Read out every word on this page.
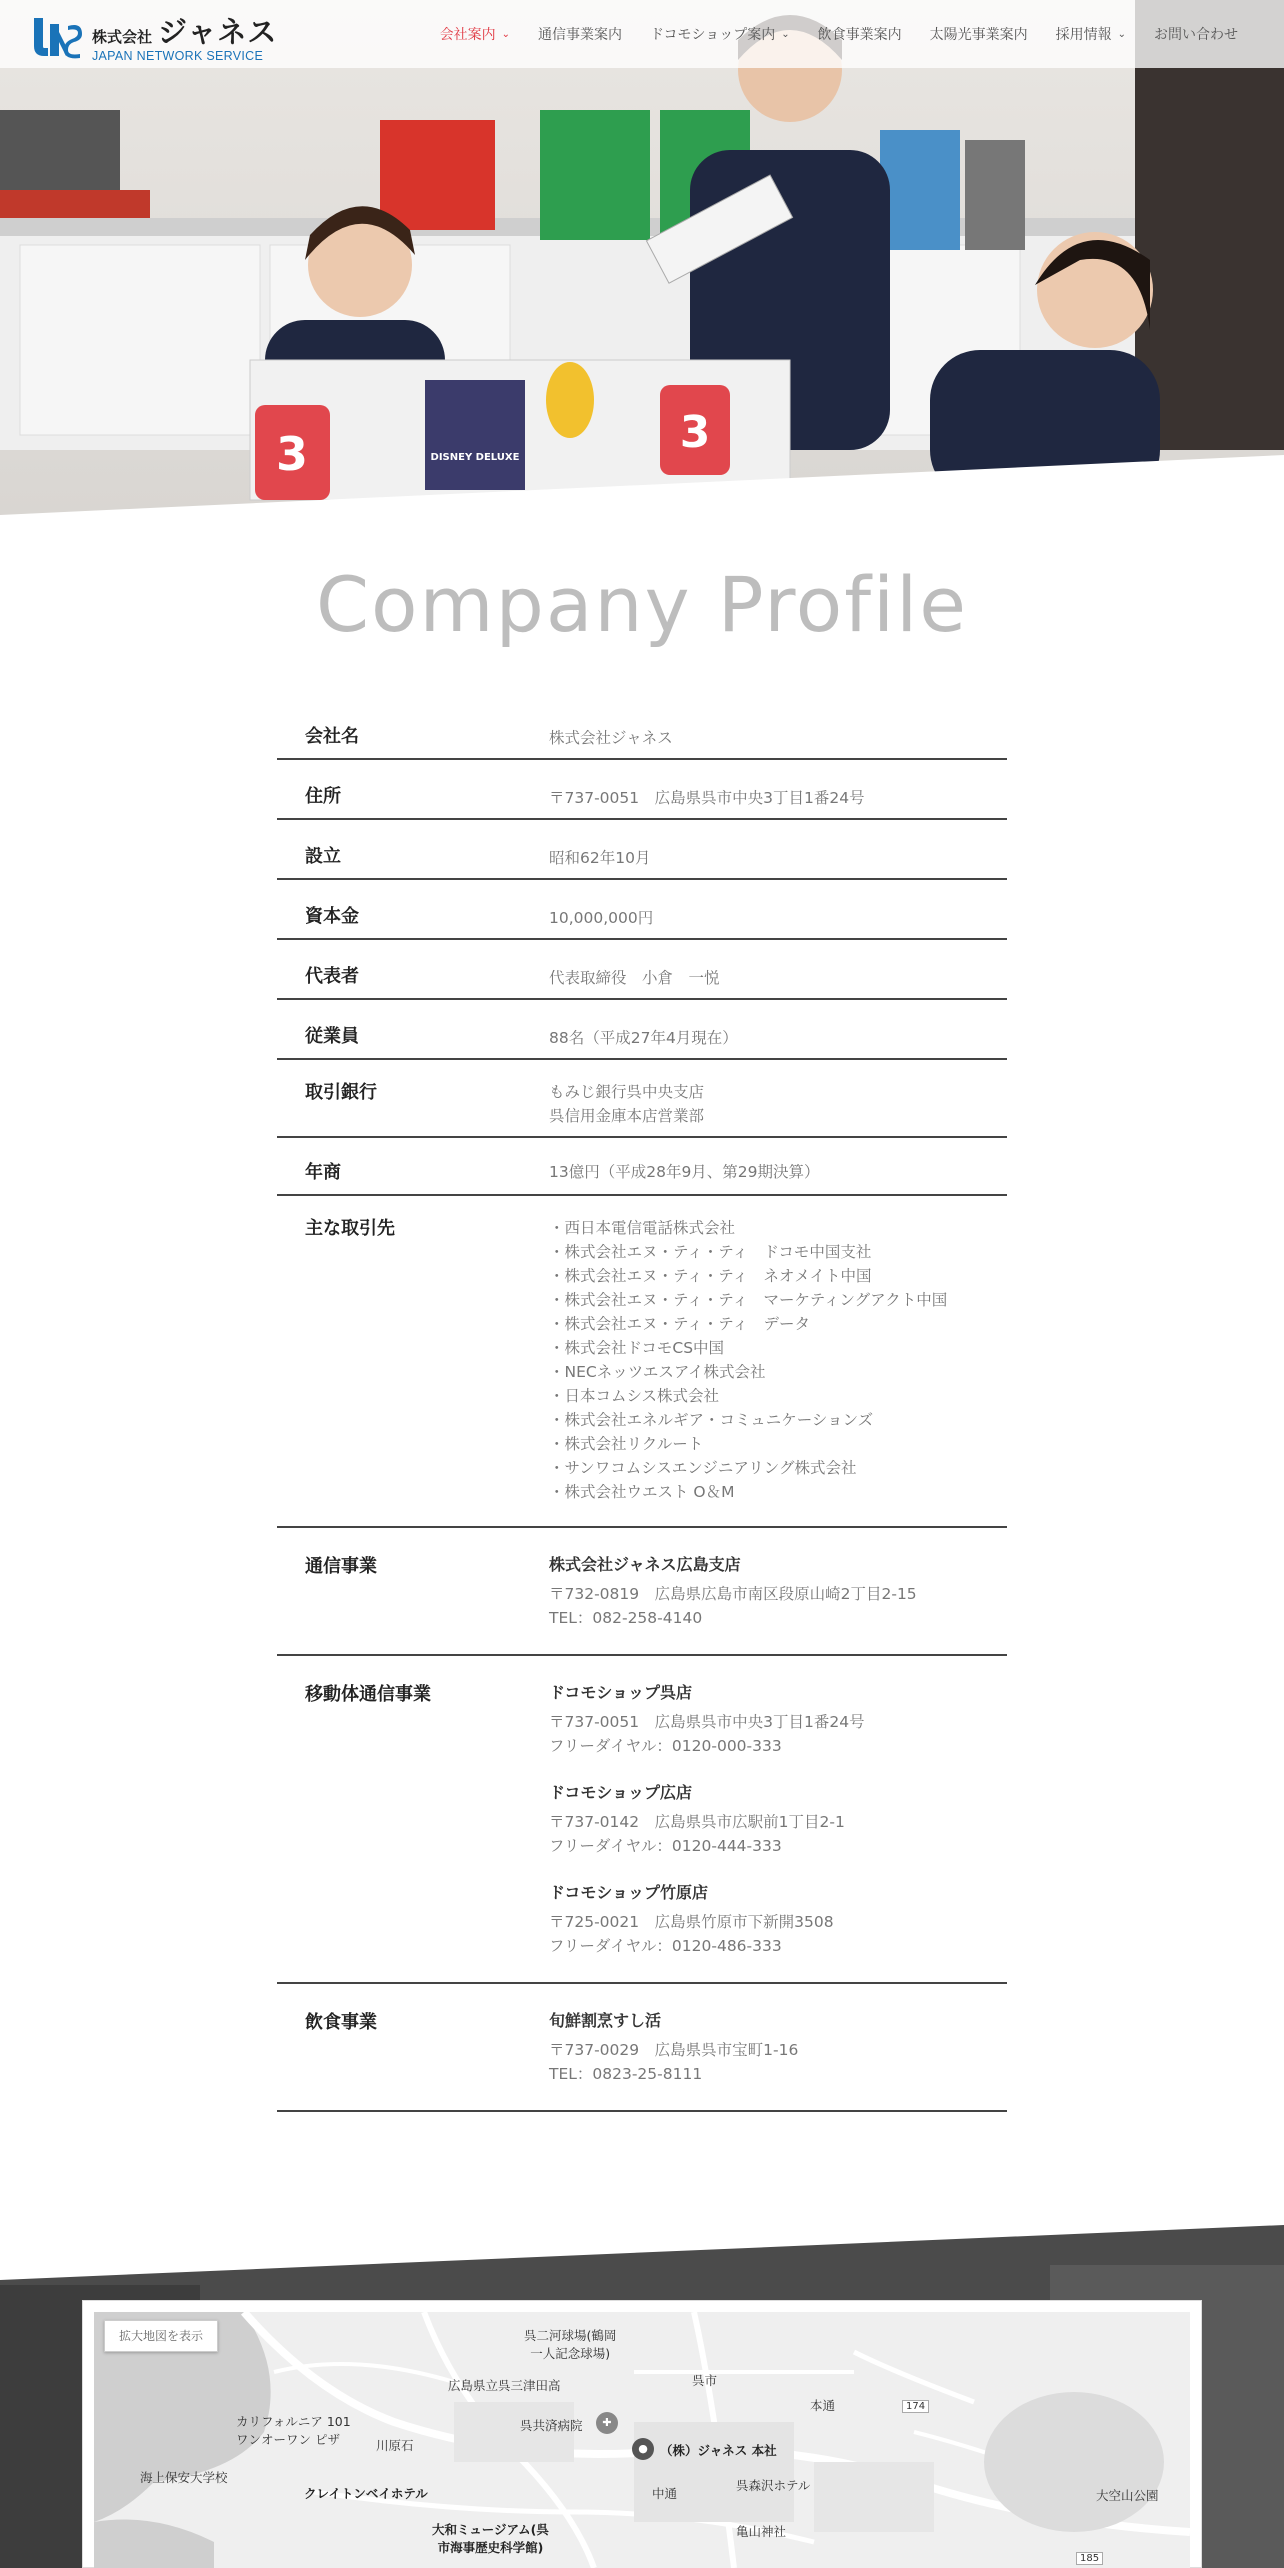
3	3
DISNEY DELUXE
株式会社 ジャネス
JAPAN NETWORK SERVICE
会社案内 ⌄ 通信事業案内 ドコモショップ案内 ⌄ 飲食事業案内 太陽光事業案内 採用情報 ⌄ お問い合わせ
Company Profile
会社名	株式会社ジャネス
住所	〒737-0051　広島県呉市中央3丁目1番24号
設立	昭和62年10月
資本金	10,000,000円
代表者	代表取締役　小倉　一悦
従業員	88名（平成27年4月現在）
取引銀行	もみじ銀行呉中央支店
呉信用金庫本店営業部
年商	13億円（平成28年9月、第29期決算）
主な取引先	・西日本電信電話株式会社
・株式会社エヌ・ティ・ティ　ドコモ中国支社
・株式会社エヌ・ティ・ティ　ネオメイト中国
・株式会社エヌ・ティ・ティ　マーケティングアクト中国
・株式会社エヌ・ティ・ティ　データ
・株式会社ドコモCS中国
・NECネッツエスアイ株式会社
・日本コムシス株式会社
・株式会社エネルギア・コミュニケーションズ
・株式会社リクルート
・サンワコムシスエンジニアリング株式会社
・株式会社ウエスト O＆M
通信事業	株式会社ジャネス広島支店
〒732-0819　広島県広島市南区段原山崎2丁目2-15
TEL：082-258-4140
移動体通信事業	ドコモショップ呉店
〒737-0051　広島県呉市中央3丁目1番24号
フリーダイヤル：0120-000-333
ドコモショップ広店
〒737-0142　広島県呉市広駅前1丁目2-1
フリーダイヤル：0120-444-333
ドコモショップ竹原店
〒725-0021　広島県竹原市下新開3508
フリーダイヤル：0120-486-333
飲食事業	旬鮮割烹すし活
〒737-0029　広島県呉市宝町1-16
TEL：0823-25-8111
拡大地図を表示	呉二河球場(鶴岡
一人記念球場)
広島県立呉三津田高	呉市
本通
呉共済病院	✚
● （株）ジャネス 本社
カリフォルニア 101
ワンオーワン ピザ	川原石
海上保安大学校
クレイトンベイホテル	中通
呉森沢ホテル
大和ミュージアム(呉
市海事歴史科学館)
亀山神社
大空山公園
174
185
